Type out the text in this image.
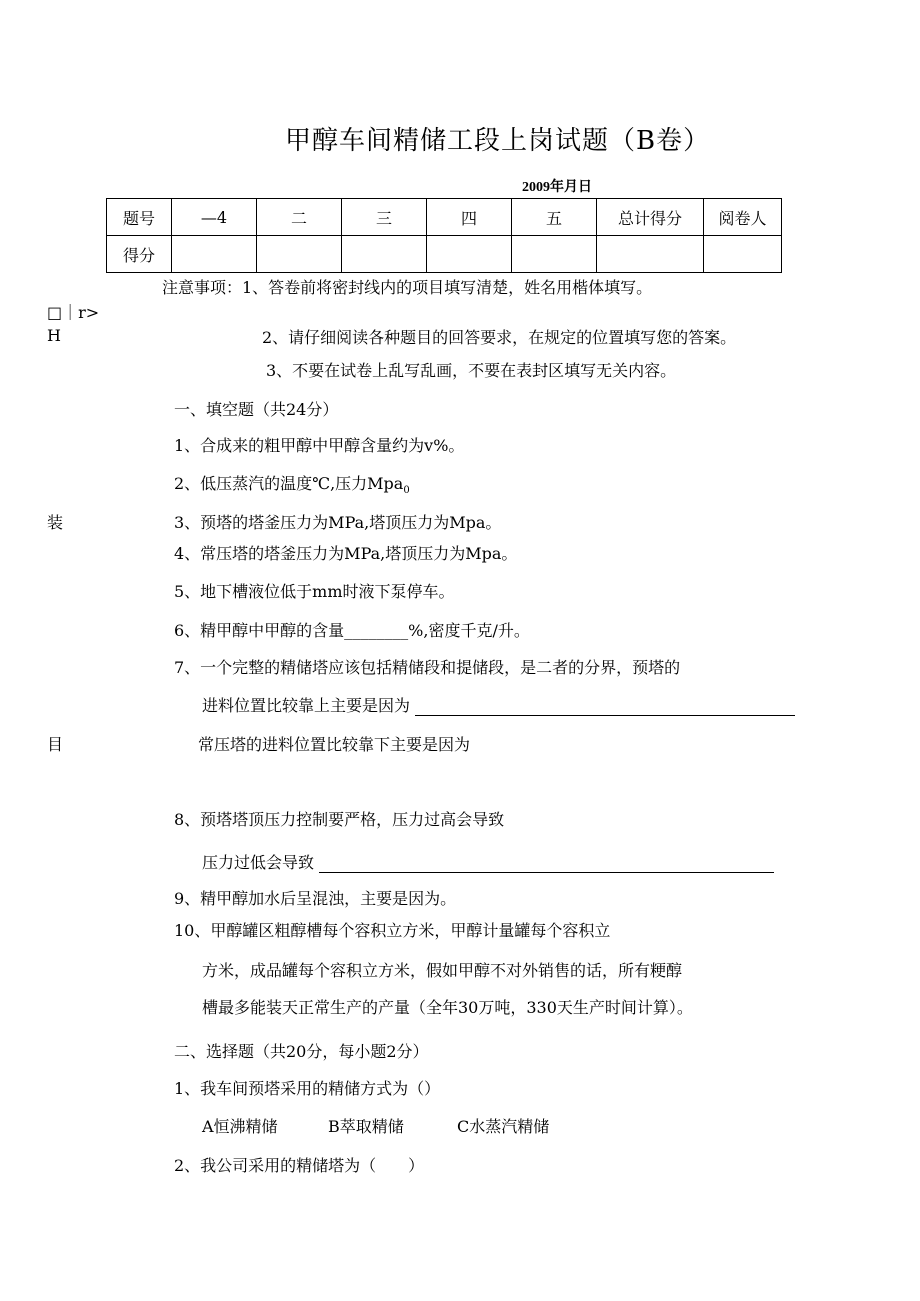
甲醇车间精储工段上岗试题（B卷）
2009年月日
题号	—4	二	三	四	五	总计得分	阅卷人
得分							
注意事项：1、答卷前将密封线内的项目填写清楚，姓名用楷体填写。
□｜r>
H	2、请仔细阅读各种题目的回答要求，在规定的位置填写您的答案。
3、不要在试卷上乱写乱画，不要在表封区填写无关内容。
一、填空题（共24分）
1、合成来的粗甲醇中甲醇含量约为v%。
2、低压蒸汽的温度℃,压力Mpa$_0$
装	3、预塔的塔釜压力为MPa,塔顶压力为Mpa。
4、常压塔的塔釜压力为MPa,塔顶压力为Mpa。
5、地下槽液位低于mm时液下泵停车。
6、精甲醇中甲醇的含量________%,密度千克/升。
7、一个完整的精储塔应该包括精储段和提储段，是二者的分界，预塔的
进料位置比较靠上主要是因为
目	常压塔的进料位置比较靠下主要是因为
8、预塔塔顶压力控制要严格，压力过高会导致
压力过低会导致
9、精甲醇加水后呈混浊，主要是因为。
10、甲醇罐区粗醇槽每个容积立方米，甲醇计量罐每个容积立
方米，成品罐每个容积立方米，假如甲醇不对外销售的话，所有粳醇
槽最多能装天正常生产的产量（全年30万吨，330天生产时间计算）。
二、选择题（共20分，每小题2分）
1、我车间预塔采用的精储方式为（）
A恒沸精储	B萃取精储	C水蒸汽精储
2、我公司采用的精储塔为（　　）
